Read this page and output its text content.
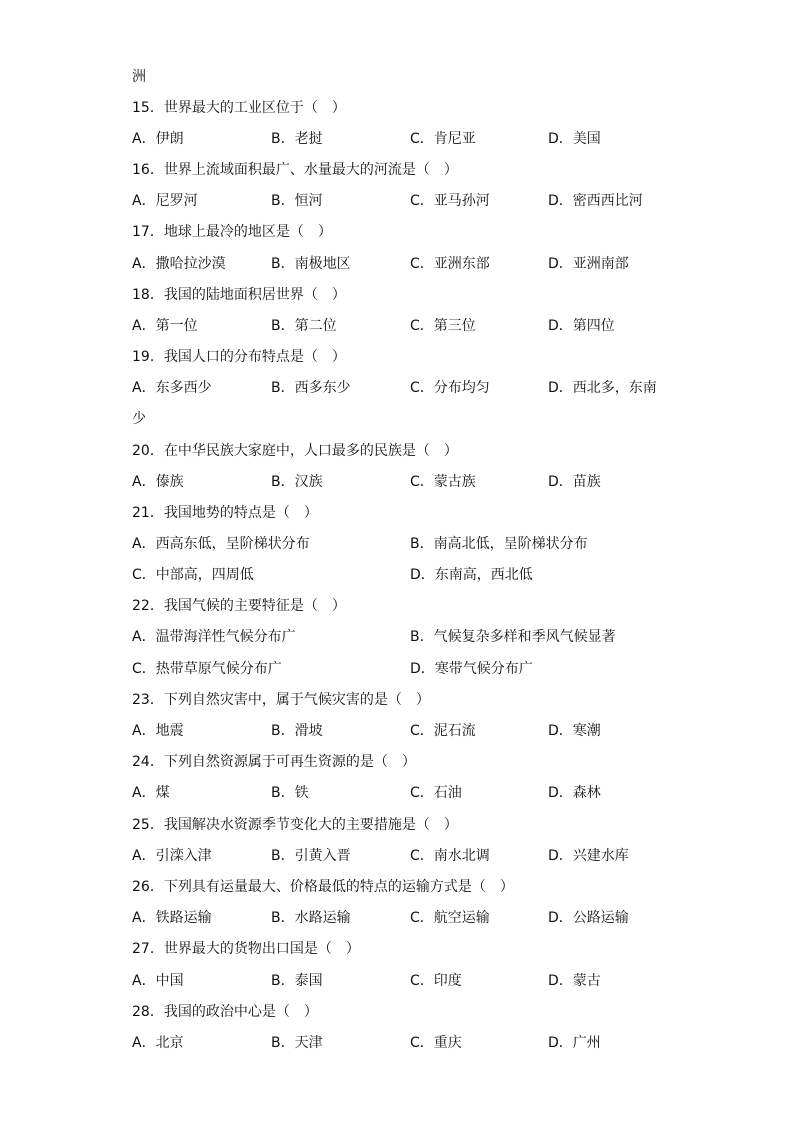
洲
15．世界最大的工业区位于（　）
A．伊朗	B．老挝	C．肯尼亚	D．美国
16．世界上流域面积最广、水量最大的河流是（　）
A．尼罗河	B．恒河	C．亚马孙河	D．密西西比河
17．地球上最冷的地区是（　）
A．撒哈拉沙漠	B．南极地区	C．亚洲东部	D．亚洲南部
18．我国的陆地面积居世界（　）
A．第一位	B．第二位	C．第三位	D．第四位
19．我国人口的分布特点是（　）
A．东多西少	B．西多东少	C．分布均匀	D．西北多，东南
少
20．在中华民族大家庭中，人口最多的民族是（　）
A．傣族	B．汉族	C．蒙古族	D．苗族
21．我国地势的特点是（　）
A．西高东低，呈阶梯状分布	B．南高北低，呈阶梯状分布
C．中部高，四周低	D．东南高，西北低
22．我国气候的主要特征是（　）
A．温带海洋性气候分布广	B．气候复杂多样和季风气候显著
C．热带草原气候分布广	D．寒带气候分布广
23．下列自然灾害中，属于气候灾害的是（　）
A．地震	B．滑坡	C．泥石流	D．寒潮
24．下列自然资源属于可再生资源的是（　）
A．煤	B．铁	C．石油	D．森林
25．我国解决水资源季节变化大的主要措施是（　）
A．引滦入津	B．引黄入晋	C．南水北调	D．兴建水库
26．下列具有运量最大、价格最低的特点的运输方式是（　）
A．铁路运输	B．水路运输	C．航空运输	D．公路运输
27．世界最大的货物出口国是（　）
A．中国	B．泰国	C．印度	D．蒙古
28．我国的政治中心是（　）
A．北京	B．天津	C．重庆	D．广州
